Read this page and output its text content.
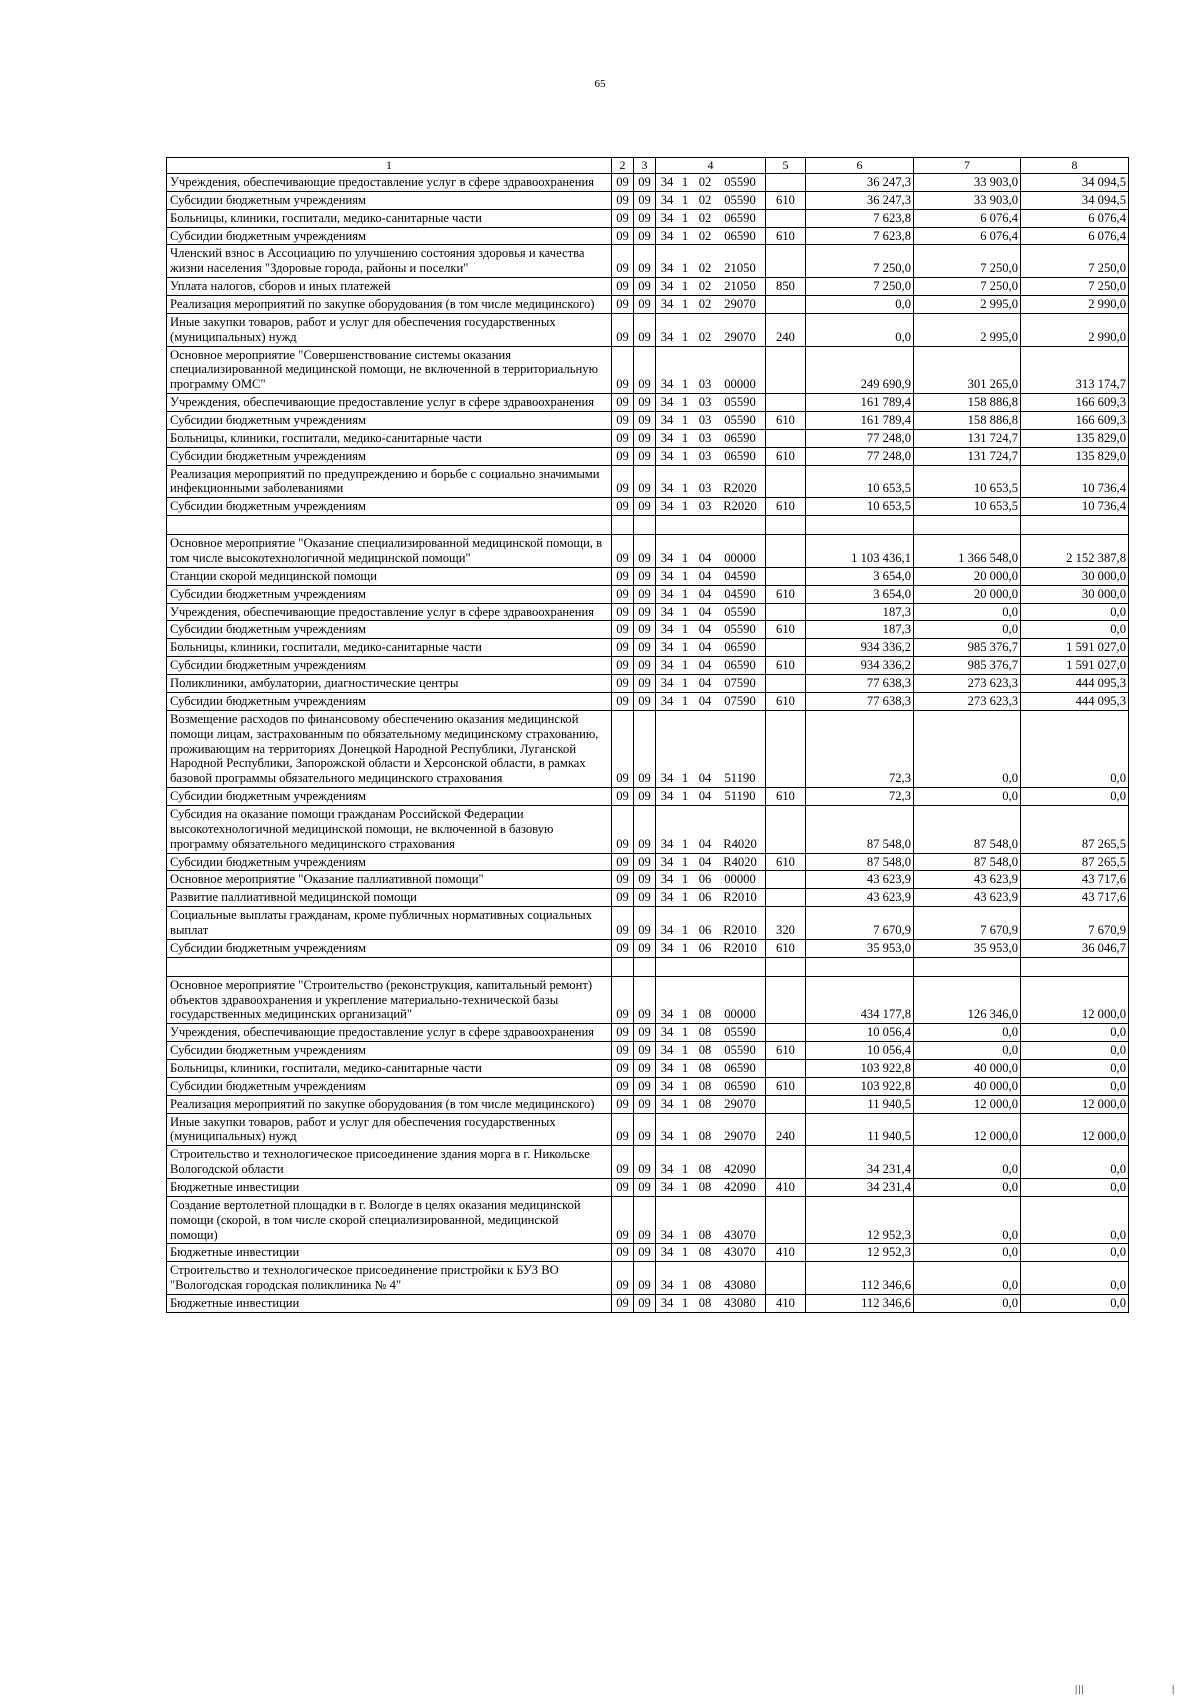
65
1	2	3	4	5	6	7	8
Учреждения, обеспечивающие предоставление услуг в сфере здравоохранения	09	09	34 1 02 05590		36 247,3	33 903,0	34 094,5
Субсидии бюджетным учреждениям	09	09	34 1 02 05590	610	36 247,3	33 903,0	34 094,5
Больницы, клиники, госпитали, медико-санитарные части	09	09	34 1 02 06590		7 623,8	6 076,4	6 076,4
Субсидии бюджетным учреждениям	09	09	34 1 02 06590	610	7 623,8	6 076,4	6 076,4
Членский взнос в Ассоциацию по улучшению состояния здоровья и качества жизни населения "Здоровые города, районы и поселки"	09	09	34 1 02 21050		7 250,0	7 250,0	7 250,0
Уплата налогов, сборов и иных платежей	09	09	34 1 02 21050	850	7 250,0	7 250,0	7 250,0
Реализация мероприятий по закупке оборудования (в том числе медицинского)	09	09	34 1 02 29070		0,0	2 995,0	2 990,0
Иные закупки товаров, работ и услуг для обеспечения государственных (муниципальных) нужд	09	09	34 1 02 29070	240	0,0	2 995,0	2 990,0
Основное мероприятие "Совершенствование системы оказания специализированной медицинской помощи, не включенной в территориальную программу ОМС"	09	09	34 1 03 00000		249 690,9	301 265,0	313 174,7
Учреждения, обеспечивающие предоставление услуг в сфере здравоохранения	09	09	34 1 03 05590		161 789,4	158 886,8	166 609,3
Субсидии бюджетным учреждениям	09	09	34 1 03 05590	610	161 789,4	158 886,8	166 609,3
Больницы, клиники, госпитали, медико-санитарные части	09	09	34 1 03 06590		77 248,0	131 724,7	135 829,0
Субсидии бюджетным учреждениям	09	09	34 1 03 06590	610	77 248,0	131 724,7	135 829,0
Реализация мероприятий по предупреждению и борьбе с социально значимыми инфекционными заболеваниями	09	09	34 1 03 R2020		10 653,5	10 653,5	10 736,4
Субсидии бюджетным учреждениям	09	09	34 1 03 R2020	610	10 653,5	10 653,5	10 736,4

Основное мероприятие "Оказание специализированной медицинской помощи, в том числе высокотехнологичной медицинской помощи"	09	09	34 1 04 00000		1 103 436,1	1 366 548,0	2 152 387,8
Станции скорой медицинской помощи	09	09	34 1 04 04590		3 654,0	20 000,0	30 000,0
Субсидии бюджетным учреждениям	09	09	34 1 04 04590	610	3 654,0	20 000,0	30 000,0
Учреждения, обеспечивающие предоставление услуг в сфере здравоохранения	09	09	34 1 04 05590		187,3	0,0	0,0
Субсидии бюджетным учреждениям	09	09	34 1 04 05590	610	187,3	0,0	0,0
Больницы, клиники, госпитали, медико-санитарные части	09	09	34 1 04 06590		934 336,2	985 376,7	1 591 027,0
Субсидии бюджетным учреждениям	09	09	34 1 04 06590	610	934 336,2	985 376,7	1 591 027,0
Поликлиники, амбулатории, диагностические центры	09	09	34 1 04 07590		77 638,3	273 623,3	444 095,3
Субсидии бюджетным учреждениям	09	09	34 1 04 07590	610	77 638,3	273 623,3	444 095,3
Возмещение расходов по финансовому обеспечению оказания медицинской помощи лицам, застрахованным по обязательному медицинскому страхованию, проживающим на территориях Донецкой Народной Республики, Луганской Народной Республики, Запорожской области и Херсонской области, в рамках базовой программы обязательного медицинского страхования	09	09	34 1 04 51190		72,3	0,0	0,0
Субсидии бюджетным учреждениям	09	09	34 1 04 51190	610	72,3	0,0	0,0
Субсидия на оказание помощи гражданам Российской Федерации высокотехнологичной медицинской помощи, не включенной в базовую программу обязательного медицинского страхования	09	09	34 1 04 R4020		87 548,0	87 548,0	87 265,5
Субсидии бюджетным учреждениям	09	09	34 1 04 R4020	610	87 548,0	87 548,0	87 265,5
Основное мероприятие "Оказание паллиативной помощи"	09	09	34 1 06 00000		43 623,9	43 623,9	43 717,6
Развитие паллиативной медицинской помощи	09	09	34 1 06 R2010		43 623,9	43 623,9	43 717,6
Социальные выплаты гражданам, кроме публичных нормативных социальных выплат	09	09	34 1 06 R2010	320	7 670,9	7 670,9	7 670,9
Субсидии бюджетным учреждениям	09	09	34 1 06 R2010	610	35 953,0	35 953,0	36 046,7

Основное мероприятие "Строительство (реконструкция, капитальный ремонт) объектов здравоохранения и укрепление материально-технической базы государственных медицинских организаций"	09	09	34 1 08 00000		434 177,8	126 346,0	12 000,0
Учреждения, обеспечивающие предоставление услуг в сфере здравоохранения	09	09	34 1 08 05590		10 056,4	0,0	0,0
Субсидии бюджетным учреждениям	09	09	34 1 08 05590	610	10 056,4	0,0	0,0
Больницы, клиники, госпитали, медико-санитарные части	09	09	34 1 08 06590		103 922,8	40 000,0	0,0
Субсидии бюджетным учреждениям	09	09	34 1 08 06590	610	103 922,8	40 000,0	0,0
Реализация мероприятий по закупке оборудования (в том числе медицинского)	09	09	34 1 08 29070		11 940,5	12 000,0	12 000,0
Иные закупки товаров, работ и услуг для обеспечения государственных (муниципальных) нужд	09	09	34 1 08 29070	240	11 940,5	12 000,0	12 000,0
Строительство и технологическое присоединение здания морга в г. Никольске Вологодской области	09	09	34 1 08 42090		34 231,4	0,0	0,0
Бюджетные инвестиции	09	09	34 1 08 42090	410	34 231,4	0,0	0,0
Создание вертолетной площадки в г. Вологде в целях оказания медицинской помощи (скорой, в том числе скорой специализированной, медицинской помощи)	09	09	34 1 08 43070		12 952,3	0,0	0,0
Бюджетные инвестиции	09	09	34 1 08 43070	410	12 952,3	0,0	0,0
Строительство и технологическое присоединение пристройки к БУЗ ВО "Вологодская городская поликлиника № 4"	09	09	34 1 08 43080		112 346,6	0,0	0,0
Бюджетные инвестиции	09	09	34 1 08 43080	410	112 346,6	0,0	0,0
|||	|
